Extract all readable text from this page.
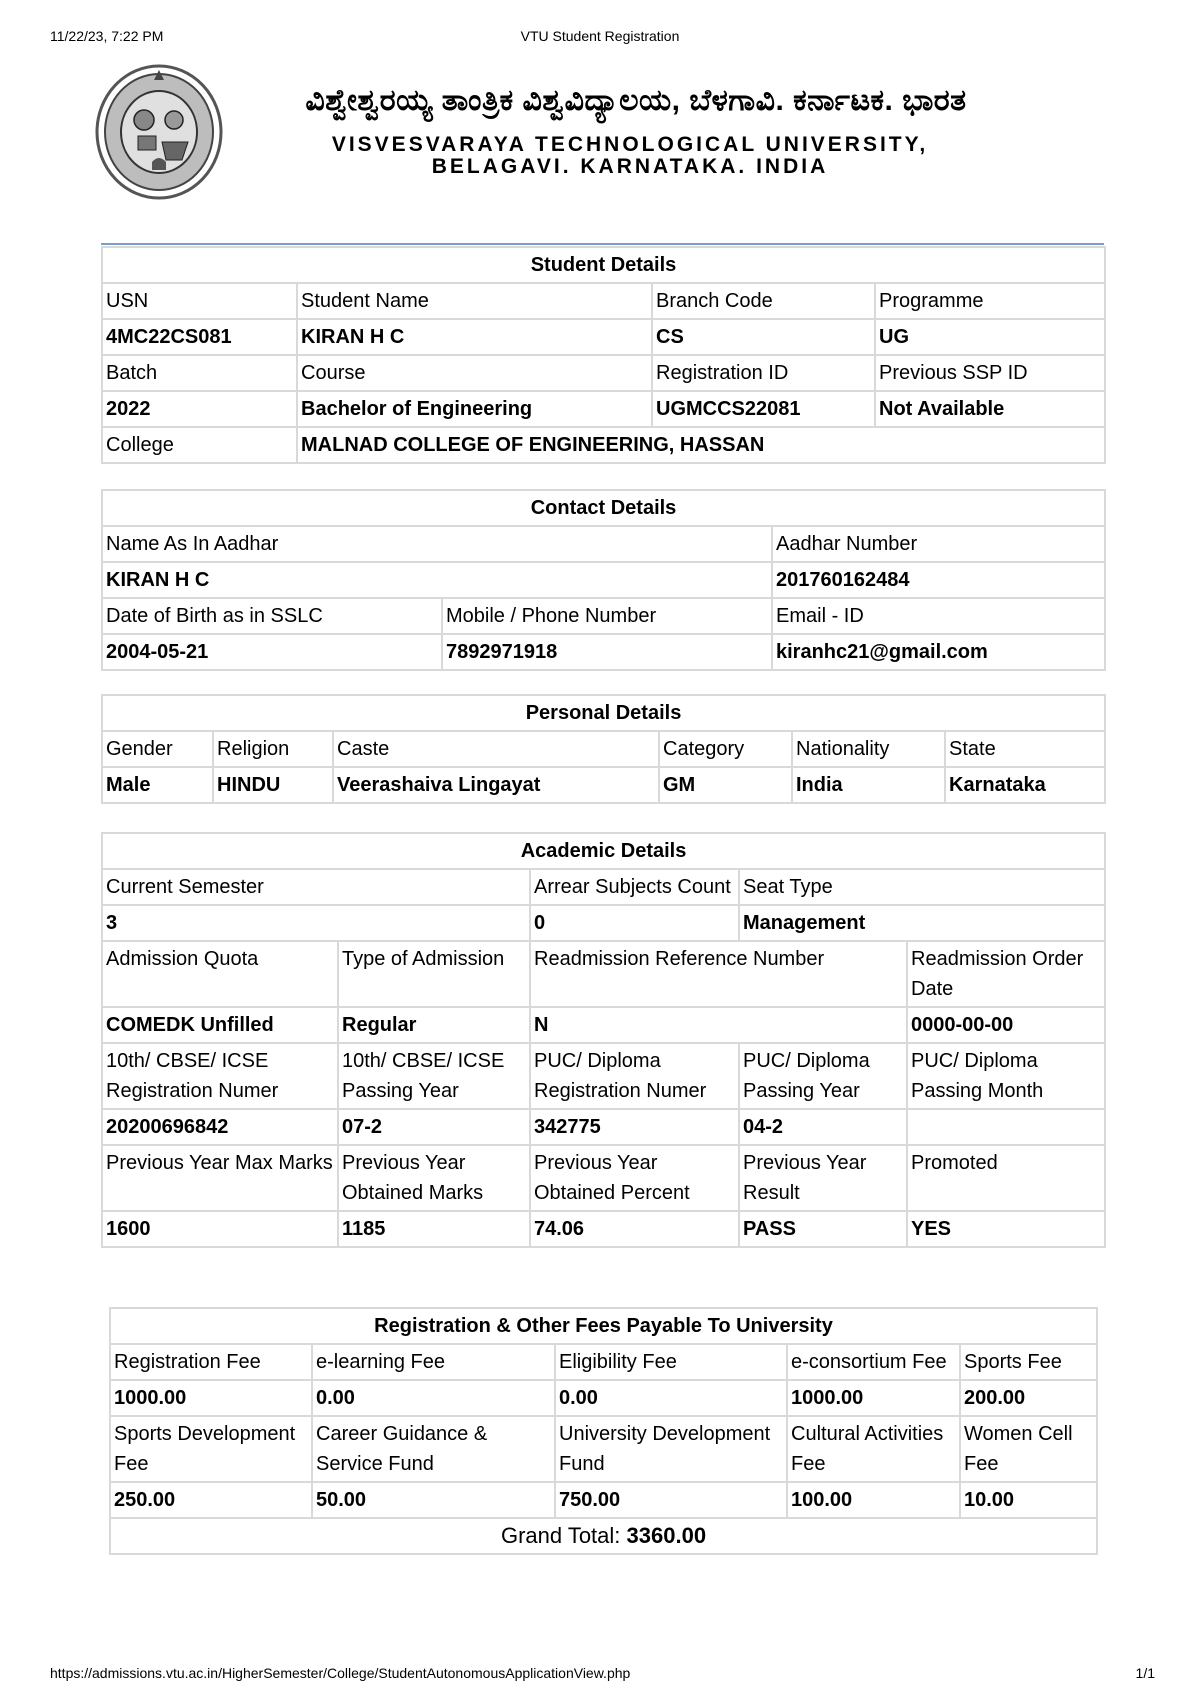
11/22/23, 7:22 PM	VTU Student Registration
ವಿಶ್ವೇಶ್ವರಯ್ಯ ತಾಂತ್ರಿಕ ವಿಶ್ವವಿದ್ಯಾಲಯ, ಬೆಳಗಾವಿ. ಕರ್ನಾಟಕ. ಭಾರತ
VISVESVARAYA TECHNOLOGICAL UNIVERSITY,
BELAGAVI. KARNATAKA. INDIA
Student Details			
USN	Student Name	Branch Code	Programme
4MC22CS081	KIRAN H C	CS	UG
Batch	Course	Registration ID	Previous SSP ID
2022	Bachelor of Engineering	UGMCCS22081	Not Available
College	MALNAD COLLEGE OF ENGINEERING, HASSAN		
Contact Details		
Name As In Aadhar		Aadhar Number
KIRAN H C		201760162484
Date of Birth as in SSLC	Mobile / Phone Number	Email - ID
2004-05-21	7892971918	kiranhc21@gmail.com
Personal Details					
Gender	Religion	Caste	Category	Nationality	State
Male	HINDU	Veerashaiva Lingayat	GM	India	Karnataka
Academic Details				
Current Semester		Arrear Subjects Count	Seat Type	
3		0	Management	
Admission Quota	Type of Admission	Readmission Reference Number		Readmission Order Date
COMEDK Unfilled	Regular	N		0000-00-00
10th/ CBSE/ ICSE Registration Numer	10th/ CBSE/ ICSE Passing Year	PUC/ Diploma Registration Numer	PUC/ Diploma Passing Year	PUC/ Diploma Passing Month
20200696842	07-2	342775	04-2	
Previous Year Max Marks	Previous Year Obtained Marks	Previous Year Obtained Percent	Previous Year Result	Promoted
1600	1185	74.06	PASS	YES
Registration & Other Fees Payable To University				
Registration Fee	e-learning Fee	Eligibility Fee	e-consortium Fee	Sports Fee
1000.00	0.00	0.00	1000.00	200.00
Sports Development Fee	Career Guidance & Service Fund	University Development Fund	Cultural Activities Fee	Women Cell Fee
250.00	50.00	750.00	100.00	10.00
Grand Total: 3360.00				
https://admissions.vtu.ac.in/HigherSemester/College/StudentAutonomousApplicationView.php	1/1
